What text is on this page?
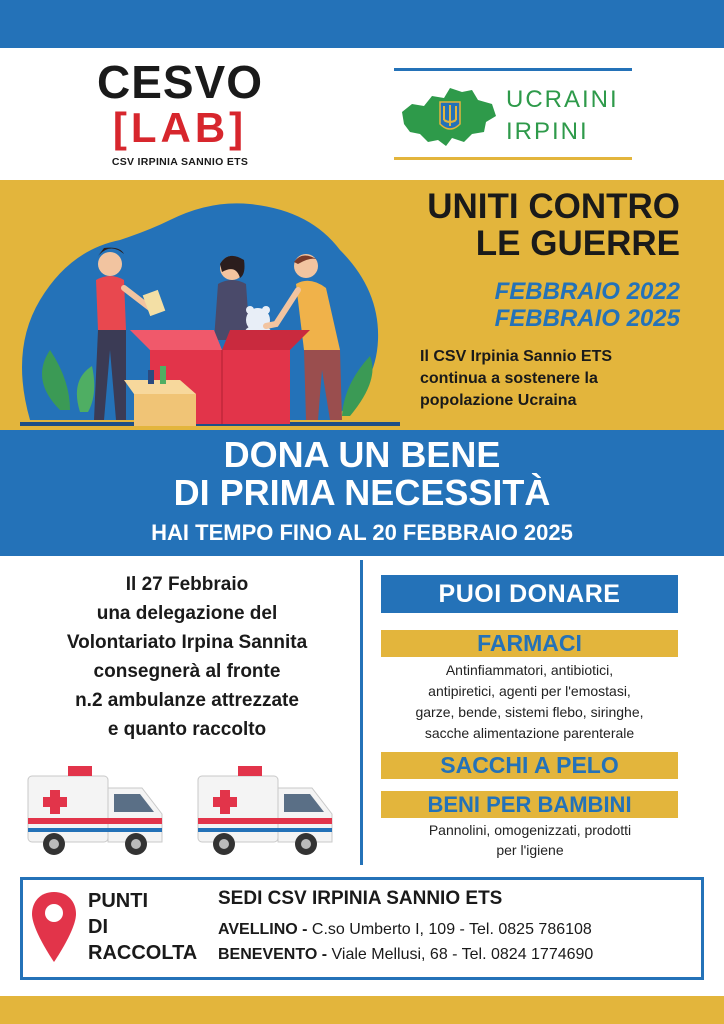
CESVO
[LAB]
CSV IRPINIA SANNIO ETS
UCRAINI
IRPINI
UNITI CONTRO
LE GUERRE
FEBBRAIO 2022
FEBBRAIO 2025
Il CSV Irpinia Sannio ETS
continua a sostenere la
popolazione Ucraina
DONA UN BENE
DI PRIMA NECESSITÀ
HAI TEMPO FINO AL 20 FEBBRAIO 2025
Il 27 Febbraio
una delegazione del
Volontariato Irpina Sannita
consegnerà al fronte
n.2 ambulanze attrezzate
e quanto raccolto
PUOI DONARE
FARMACI
Antinfiammatori, antibiotici,
antipiretici, agenti per l'emostasi,
garze, bende, sistemi flebo, siringhe,
sacche alimentazione parenterale
SACCHI A PELO
BENI PER BAMBINI
Pannolini, omogenizzati, prodotti
per l'igiene
PUNTI
DI
RACCOLTA
SEDI CSV IRPINIA SANNIO ETS
AVELLINO - C.so Umberto I, 109 - Tel. 0825 786108
BENEVENTO - Viale Mellusi, 68 - Tel. 0824 1774690
